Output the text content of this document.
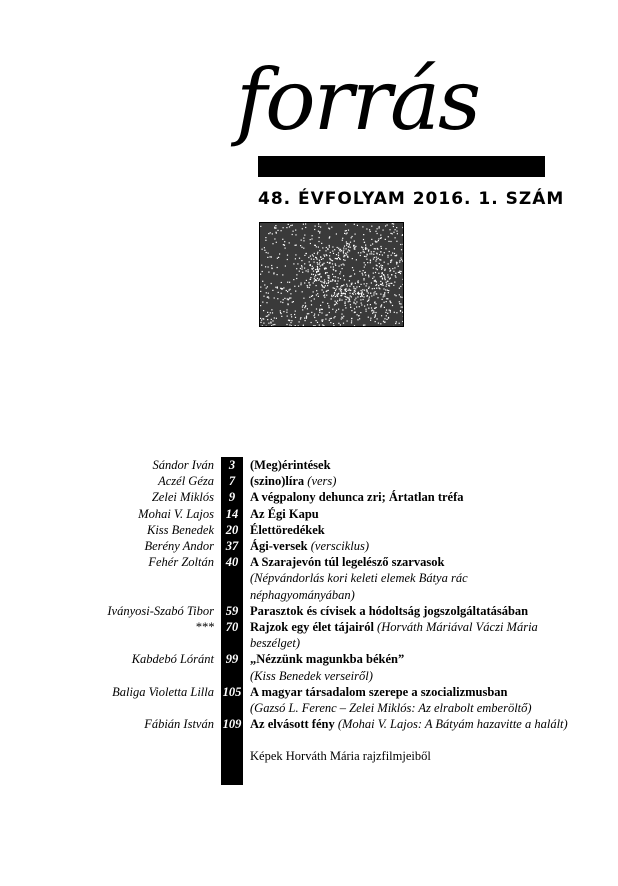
forrás
48. ÉVFOLYAM 2016. 1. SZÁM
Sándor Iván	3	(Meg)érintések
Aczél Géza	7	(szino)líra (vers)
Zelei Miklós	9	A végpalony dehunca zri; Ártatlan tréfa
Mohai V. Lajos 14 Az Égi Kapu
Kiss Benedek 20 Élettöredékek
Berény Andor 37 Ági-versek (versciklus)
Fehér Zoltán 40 A Szarajevón túl legelésző szarvasok
(Népvándorlás kori keleti elemek Bátya rác néphagyományában)
Iványosi-Szabó Tibor 59 Parasztok és cívisek a hódoltság jogszolgáltatásában
*** 70 Rajzok egy élet tájairól (Horváth Máriával Váczi Mária beszélget)
Kabdebó Lóránt 99 „Nézzünk magunkba békén”
(Kiss Benedek verseiről)
Baliga Violetta Lilla 105 A magyar társadalom szerepe a szocializmusban
(Gazsó L. Ferenc – Zelei Miklós: Az elrabolt emberöltő)
Fábián István 109 Az elvásott fény (Mohai V. Lajos: A Bátyám hazavitte a halált)
Képek Horváth Mária rajzfilmjeiből
